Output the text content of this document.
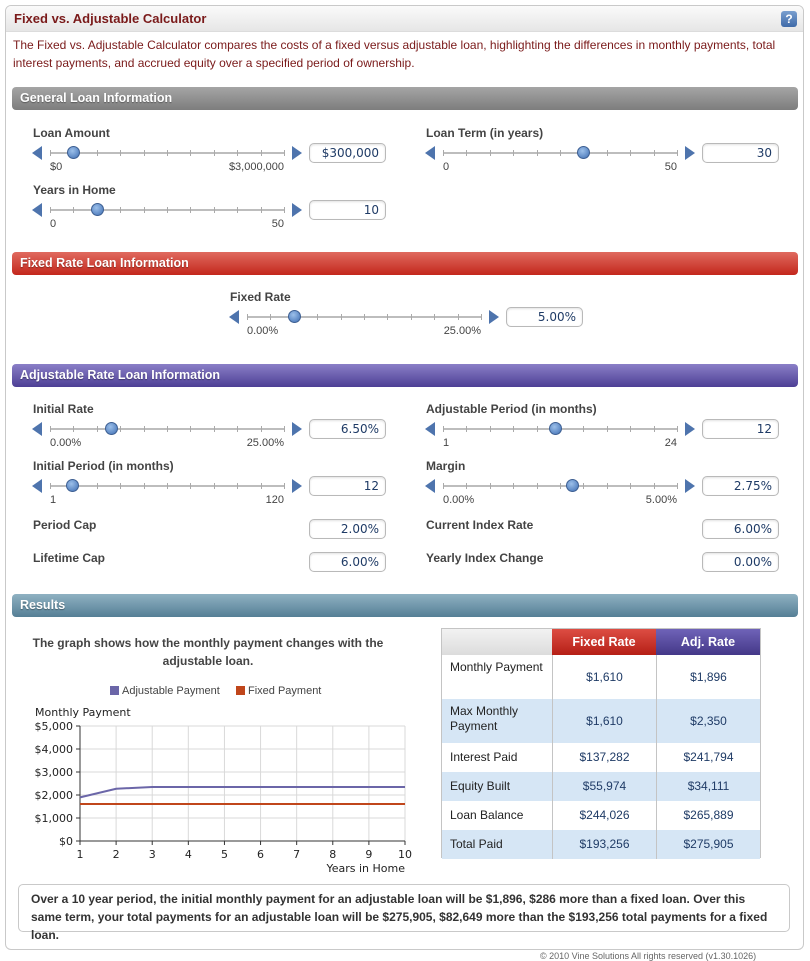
Fixed vs. Adjustable Calculator	?
The Fixed vs. Adjustable Calculator compares the costs of a fixed versus adjustable loan, highlighting the differences in monthly payments, total interest payments, and accrued equity over a specified period of ownership.
General Loan Information
Loan Amount
$0	$3,000,000
$300,000
Loan Term (in years)
0	50
30
Years in Home
0	50
10
Fixed Rate Loan Information
Fixed Rate
0.00%	25.00%
5.00%
Adjustable Rate Loan Information
Initial Rate
0.00%	25.00%
6.50%
Adjustable Period (in months)
1	24
12
Initial Period (in months)
1	120
12
Margin
0.00%	5.00%
2.75%
Period Cap	2.00%	Current Index Rate	6.00%
Lifetime Cap	6.00%	Yearly Index Change	0.00%
Results
The graph shows how the monthly payment changes with the adjustable loan.
Adjustable Payment	Fixed Payment
Monthly Payment
$0
$1,000
$2,000
$3,000
$4,000
$5,000
1	2	3	4	5	6	7	8	9 10
Years in Home
Fixed Rate	Adj. Rate
Monthly Payment
$1,610	$1,896
Max Monthly Payment	$1,610	$2,350
Interest Paid	$137,282	$241,794
Equity Built	$55,974	$34,111
Loan Balance	$244,026	$265,889
Total Paid	$193,256	$275,905
Over a 10 year period, the initial monthly payment for an adjustable loan will be $1,896, $286 more than a fixed loan. Over this same term, your total payments for an adjustable loan will be $275,905, $82,649 more than the $193,256 total payments for a fixed loan.
© 2010 Vine Solutions All rights reserved (v1.30.1026)
